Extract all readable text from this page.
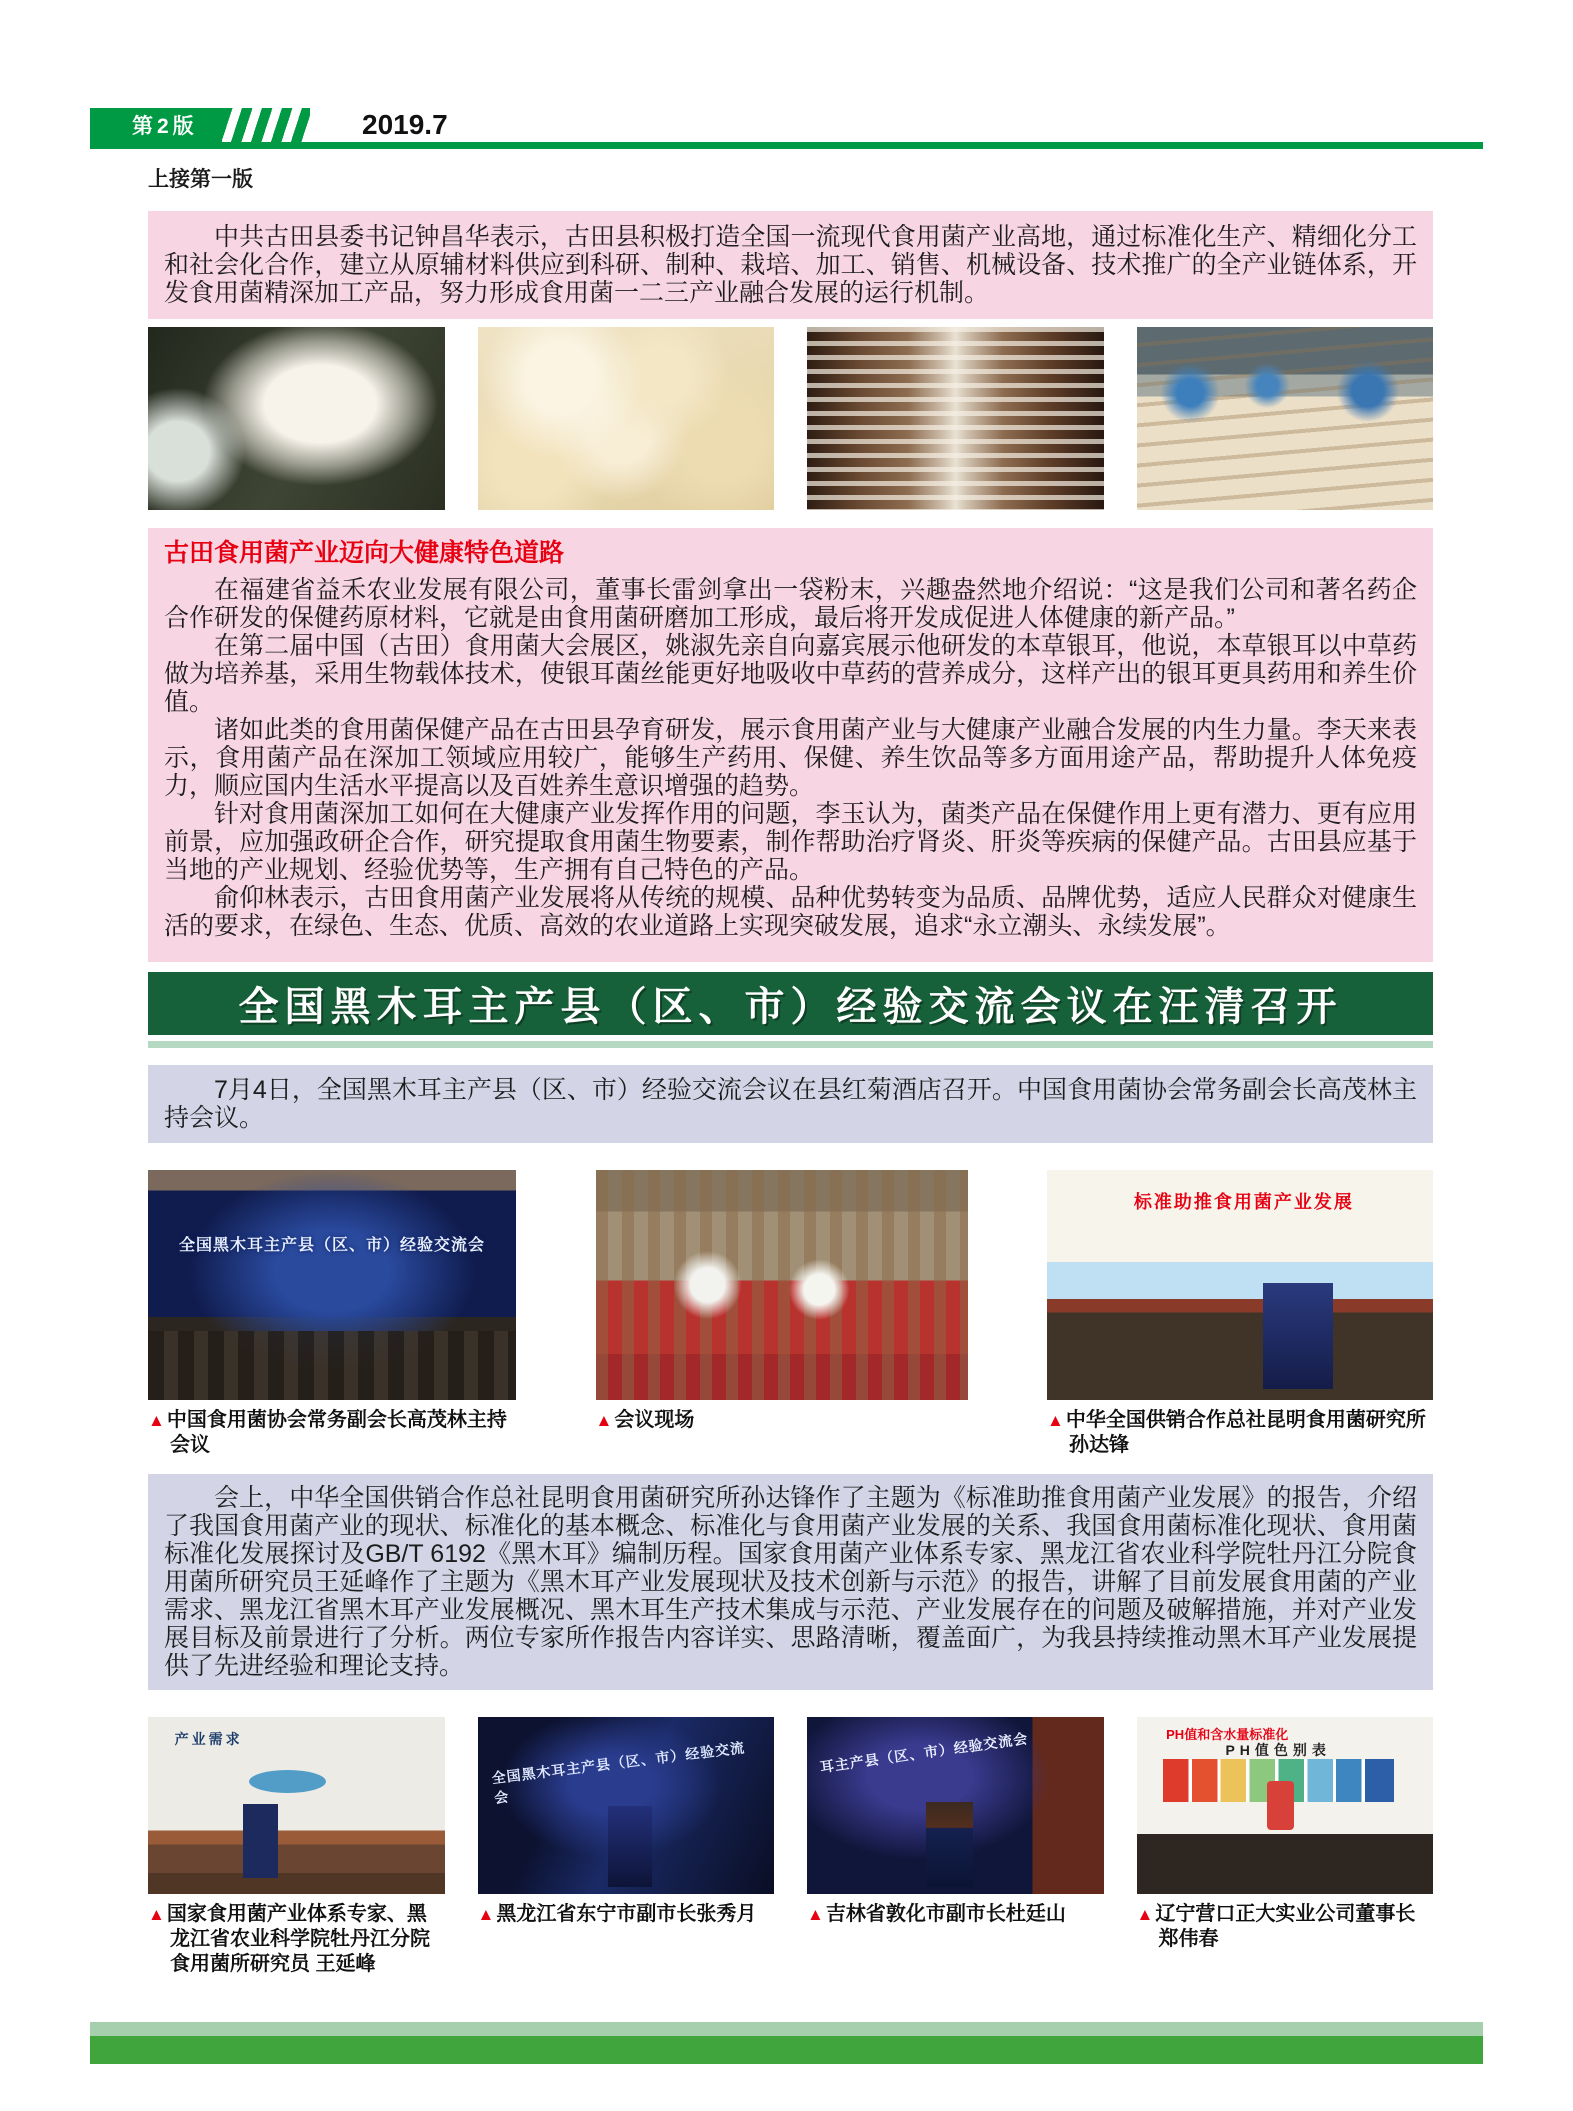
第2版	2019.7
上接第一版

中共古田县委书记钟昌华表示，古田县积极打造全国一流现代食用菌产业高地，通过标准化生产、精细化分工和社会化合作，建立从原辅材料供应到科研、制种、栽培、加工、销售、机械设备、技术推广的全产业链体系，开发食用菌精深加工产品，努力形成食用菌一二三产业融合发展的运行机制。

古田食用菌产业迈向大健康特色道路

在福建省益禾农业发展有限公司，董事长雷剑拿出一袋粉末，兴趣盎然地介绍说：“这是我们公司和著名药企合作研发的保健药原材料，它就是由食用菌研磨加工形成，最后将开发成促进人体健康的新产品。”

在第二届中国（古田）食用菌大会展区，姚淑先亲自向嘉宾展示他研发的本草银耳，他说，本草银耳以中草药做为培养基，采用生物载体技术，使银耳菌丝能更好地吸收中草药的营养成分，这样产出的银耳更具药用和养生价值。

诸如此类的食用菌保健产品在古田县孕育研发，展示食用菌产业与大健康产业融合发展的内生力量。李天来表示，食用菌产品在深加工领域应用较广，能够生产药用、保健、养生饮品等多方面用途产品，帮助提升人体免疫力，顺应国内生活水平提高以及百姓养生意识增强的趋势。

针对食用菌深加工如何在大健康产业发挥作用的问题，李玉认为，菌类产品在保健作用上更有潜力、更有应用前景，应加强政研企合作，研究提取食用菌生物要素，制作帮助治疗肾炎、肝炎等疾病的保健产品。古田县应基于当地的产业规划、经验优势等，生产拥有自己特色的产品。

俞仰林表示，古田食用菌产业发展将从传统的规模、品种优势转变为品质、品牌优势，适应人民群众对健康生活的要求，在绿色、生态、优质、高效的农业道路上实现突破发展，追求“永立潮头、永续发展”。

全国黑木耳主产县（区、市）经验交流会议在汪清召开

7月4日，全国黑木耳主产县（区、市）经验交流会议在县红菊酒店召开。中国食用菌协会常务副会长高茂林主持会议。

全国黑木耳主产县（区、市）经验交流会
▲ 中国食用菌协会常务副会长高茂林主持会议
▲ 会议现场
标准助推食用菌产业发展
▲ 中华全国供销合作总社昆明食用菌研究所 孙达锋

会上，中华全国供销合作总社昆明食用菌研究所孙达锋作了主题为《标准助推食用菌产业发展》的报告，介绍了我国食用菌产业的现状、标准化的基本概念、标准化与食用菌产业发展的关系、我国食用菌标准化现状、食用菌标准化发展探讨及GB/T 6192《黑木耳》编制历程。国家食用菌产业体系专家、黑龙江省农业科学院牡丹江分院食用菌所研究员王延峰作了主题为《黑木耳产业发展现状及技术创新与示范》的报告，讲解了目前发展食用菌的产业需求、黑龙江省黑木耳产业发展概况、黑木耳生产技术集成与示范、产业发展存在的问题及破解措施，并对产业发展目标及前景进行了分析。两位专家所作报告内容详实、思路清晰，覆盖面广，为我县持续推动黑木耳产业发展提供了先进经验和理论支持。

产业需求
▲ 国家食用菌产业体系专家、黑龙江省农业科学院牡丹江分院食用菌所研究员 王延峰
全国黑木耳主产县（区、市）经验交流会
▲ 黑龙江省东宁市副市长张秀月
耳主产县（区、市）经验交流会
▲ 吉林省敦化市副市长杜廷山
PH值和含水量标准化
PH值色别表
▲ 辽宁营口正大实业公司董事长 郑伟春
